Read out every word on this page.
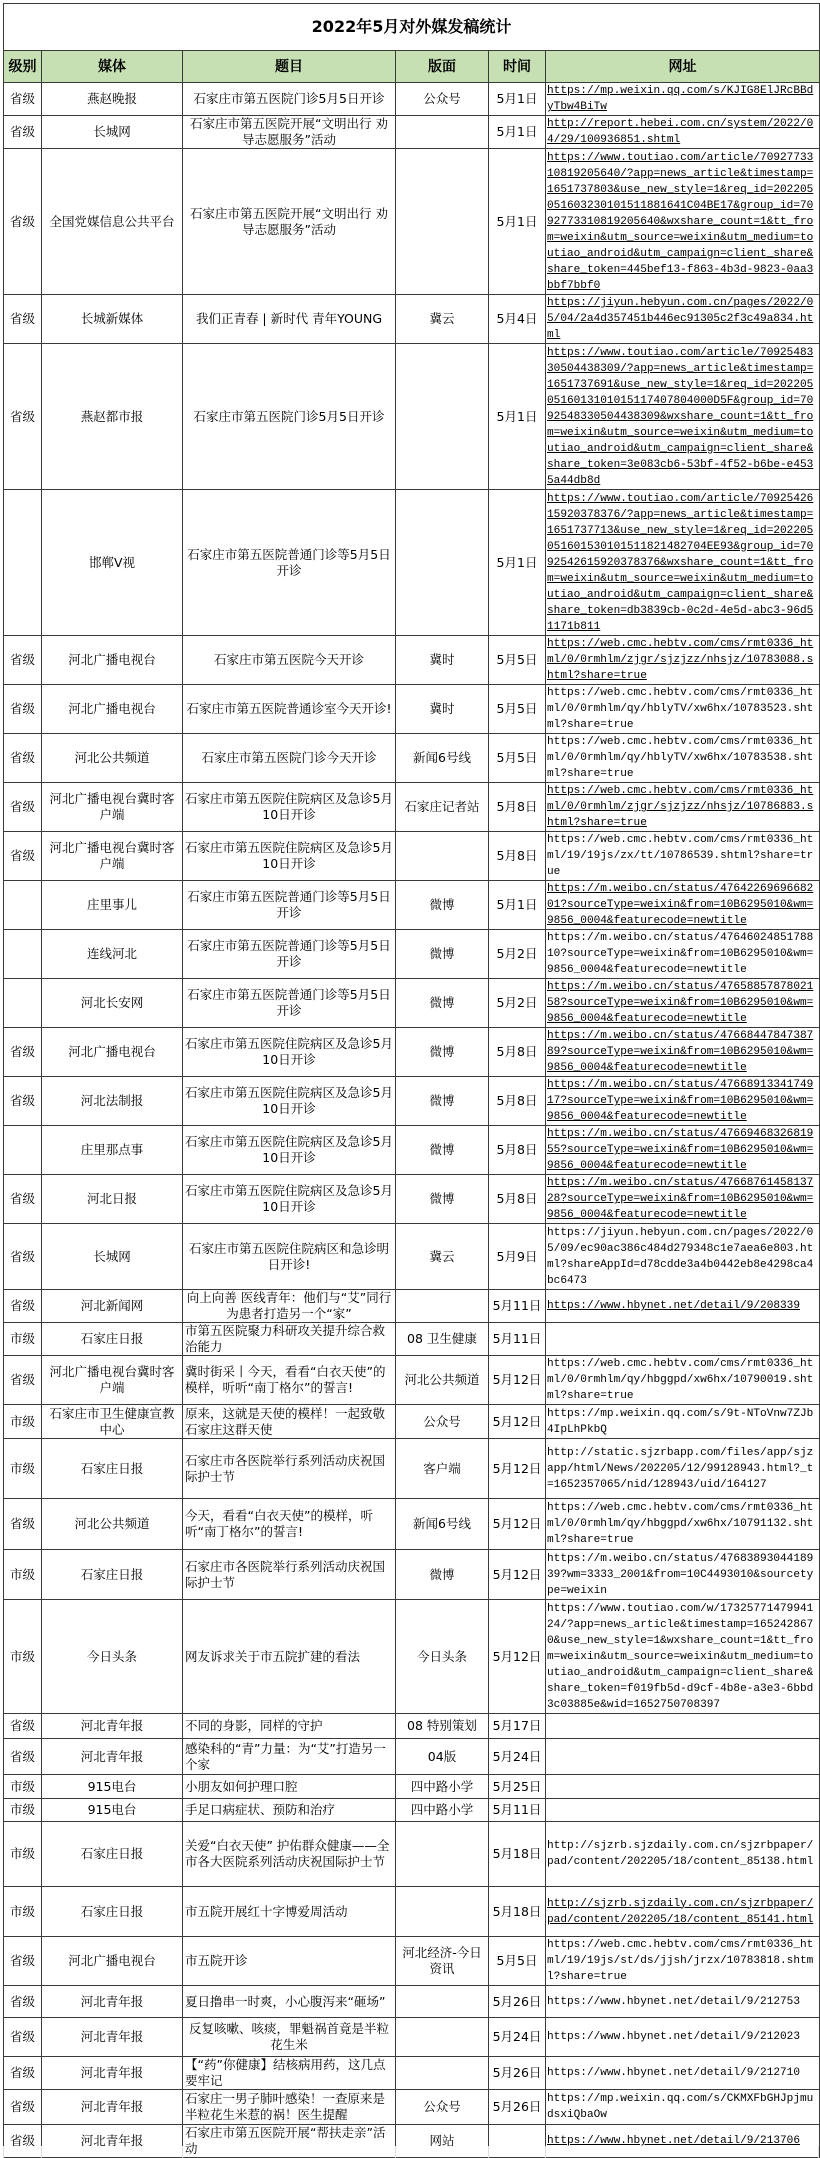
2022年5月对外媒发稿统计					
级别	媒体	题目	版面	时间	网址
省级	燕赵晚报	石家庄市第五医院门诊5月5日开诊	公众号	5月1日	https://mp.weixin.qq.com/s/KJIG8ElJRcBBdyTbw4BiTw
省级	长城网	石家庄市第五医院开展“文明出行 劝导志愿服务”活动		5月1日	http://report.hebei.com.cn/system/2022/04/29/100936851.shtml
省级	全国党媒信息公共平台	石家庄市第五医院开展“文明出行 劝导志愿服务”活动		5月1日	https://www.toutiao.com/article/7092773310819205640/?app=news_article&timestamp=1651737803&use_new_style=1&req_id=202205051603230101511881641C04BE17&group_id=7092773310819205640&wxshare_count=1&tt_from=weixin&utm_source=weixin&utm_medium=toutiao_android&utm_campaign=client_share&share_token=445bef13-f863-4b3d-9823-0aa3bbf7bbf0
省级	长城新媒体	我们正青春 | 新时代 青年YOUNG	冀云	5月4日	https://jiyun.hebyun.com.cn/pages/2022/05/04/2a4d357451b446ec91305c2f3c49a834.html
省级	燕赵都市报	石家庄市第五医院门诊5月5日开诊		5月1日	https://www.toutiao.com/article/7092548330504438309/?app=news_article&timestamp=1651737691&use_new_style=1&req_id=2022050516013101015117407804000D5F&group_id=7092548330504438309&wxshare_count=1&tt_from=weixin&utm_source=weixin&utm_medium=toutiao_android&utm_campaign=client_share&share_token=3e083cb6-53bf-4f52-b6be-e4535a44db8d
	邯郸V视	石家庄市第五医院普通门诊等5月5日开诊		5月1日	https://www.toutiao.com/article/7092542615920378376/?app=news_article&timestamp=1651737713&use_new_style=1&req_id=202205051601530101511821482704EE93&group_id=7092542615920378376&wxshare_count=1&tt_from=weixin&utm_source=weixin&utm_medium=toutiao_android&utm_campaign=client_share&share_token=db3839cb-0c2d-4e5d-abc3-96d51171b811
省级	河北广播电视台	石家庄市第五医院今天开诊	冀时	5月5日	https://web.cmc.hebtv.com/cms/rmt0336_html/0/0rmhlm/zjgr/sjzjzz/nhsjz/10783088.shtml?share=true
省级	河北广播电视台	石家庄市第五医院普通诊室今天开诊!	冀时	5月5日	https://web.cmc.hebtv.com/cms/rmt0336_html/0/0rmhlm/qy/hblyTV/xw6hx/10783523.shtml?share=true
省级	河北公共频道	石家庄市第五医院门诊今天开诊	新闻6号线	5月5日	https://web.cmc.hebtv.com/cms/rmt0336_html/0/0rmhlm/qy/hblyTV/xw6hx/10783538.shtml?share=true
省级	河北广播电视台冀时客户端	石家庄市第五医院住院病区及急诊5月10日开诊	石家庄记者站	5月8日	https://web.cmc.hebtv.com/cms/rmt0336_html/0/0rmhlm/zjgr/sjzjzz/nhsjz/10786883.shtml?share=true
省级	河北广播电视台冀时客户端	石家庄市第五医院住院病区及急诊5月10日开诊		5月8日	https://web.cmc.hebtv.com/cms/rmt0336_html/19/19js/zx/tt/10786539.shtml?share=true
	庄里事儿	石家庄市第五医院普通门诊等5月5日开诊	微博	5月1日	https://m.weibo.cn/status/4764226969668201?sourceType=weixin&from=10B6295010&wm=9856_0004&featurecode=newtitle
	连线河北	石家庄市第五医院普通门诊等5月5日开诊	微博	5月2日	https://m.weibo.cn/status/4764602485178810?sourceType=weixin&from=10B6295010&wm=9856_0004&featurecode=newtitle
	河北长安网	石家庄市第五医院普通门诊等5月5日开诊	微博	5月2日	https://m.weibo.cn/status/4765885787802158?sourceType=weixin&from=10B6295010&wm=9856_0004&featurecode=newtitle
省级	河北广播电视台	石家庄市第五医院住院病区及急诊5月10日开诊	微博	5月8日	https://m.weibo.cn/status/4766844784738789?sourceType=weixin&from=10B6295010&wm=9856_0004&featurecode=newtitle
省级	河北法制报	石家庄市第五医院住院病区及急诊5月10日开诊	微博	5月8日	https://m.weibo.cn/status/4766891334174917?sourceType=weixin&from=10B6295010&wm=9856_0004&featurecode=newtitle
	庄里那点事	石家庄市第五医院住院病区及急诊5月10日开诊	微博	5月8日	https://m.weibo.cn/status/4766946832681955?sourceType=weixin&from=10B6295010&wm=9856_0004&featurecode=newtitle
省级	河北日报	石家庄市第五医院住院病区及急诊5月10日开诊	微博	5月8日	https://m.weibo.cn/status/4766876145813728?sourceType=weixin&from=10B6295010&wm=9856_0004&featurecode=newtitle
省级	长城网	石家庄市第五医院住院病区和急诊明日开诊!	冀云	5月9日	https://jiyun.hebyun.com.cn/pages/2022/05/09/ec90ac386c484d279348c1e7aea6e803.html?shareAppId=d78cdde3a4b0442eb8e4298ca4bc6473
省级	河北新闻网	向上向善 医线青年：他们与“艾”同行 为患者打造另一个“家”		5月11日	https://www.hbynet.net/detail/9/208339
市级	石家庄日报	市第五医院聚力科研攻关提升综合救治能力	08 卫生健康	5月11日	
省级	河北广播电视台冀时客户端	冀时街采丨今天，看看“白衣天使”的模样，听听“南丁格尔”的誓言!	河北公共频道	5月12日	https://web.cmc.hebtv.com/cms/rmt0336_html/0/0rmhlm/qy/hbggpd/xw6hx/10790019.shtml?share=true
市级	石家庄市卫生健康宣教中心	原来，这就是天使的模样！一起致敬石家庄这群天使	公众号	5月12日	https://mp.weixin.qq.com/s/9t-NToVnw7ZJb4IpLhPkbQ
市级	石家庄日报	石家庄市各医院举行系列活动庆祝国际护士节	客户端	5月12日	http://static.sjzrbapp.com/files/app/sjzapp/html/News/202205/12/99128943.html?_t=1652357065/nid/128943/uid/164127
省级	河北公共频道	今天，看看“白衣天使”的模样，听听“南丁格尔”的誓言!	新闻6号线	5月12日	https://web.cmc.hebtv.com/cms/rmt0336_html/0/0rmhlm/qy/hbggpd/xw6hx/10791132.shtml?share=true
市级	石家庄日报	石家庄市各医院举行系列活动庆祝国际护士节	微博	5月12日	https://m.weibo.cn/status/4768389304418939?wm=3333_2001&from=10C4493010&sourcetype=weixin
市级	今日头条	网友诉求关于市五院扩建的看法	今日头条	5月12日	https://www.toutiao.com/w/1732577147994124/?app=news_article&timestamp=1652428670&use_new_style=1&wxshare_count=1&tt_from=weixin&utm_source=weixin&utm_medium=toutiao_android&utm_campaign=client_share&share_token=f019fb5d-d9cf-4b8e-a3e3-6bbd3c03885e&wid=1652750708397
省级	河北青年报	不同的身影，同样的守护	08 特别策划	5月17日	
省级	河北青年报	感染科的“青”力量：为“艾”打造另一个家	04版	5月24日	
市级	915电台	小朋友如何护理口腔	四中路小学	5月25日	
市级	915电台	手足口病症状、预防和治疗	四中路小学	5月11日	
市级	石家庄日报	关爱“白衣天使” 护佑群众健康——全市各大医院系列活动庆祝国际护士节		5月18日	http://sjzrb.sjzdaily.com.cn/sjzrbpaper/pad/content/202205/18/content_85138.html
市级	石家庄日报	市五院开展红十字博爱周活动		5月18日	http://sjzrb.sjzdaily.com.cn/sjzrbpaper/pad/content/202205/18/content_85141.html
省级	河北广播电视台	市五院开诊	河北经济-今日资讯	5月5日	https://web.cmc.hebtv.com/cms/rmt0336_html/19/19js/st/ds/jjsh/jrzx/10783818.shtml?share=true
省级	河北青年报	夏日撸串一时爽，小心腹泻来“砸场”		5月26日	https://www.hbynet.net/detail/9/212753
省级	河北青年报	反复咳嗽、咳痰，罪魁祸首竟是半粒花生米		5月24日	https://www.hbynet.net/detail/9/212023
省级	河北青年报	【“药”你健康】结核病用药，这几点要牢记		5月26日	https://www.hbynet.net/detail/9/212710
省级	河北青年报	石家庄一男子肺叶感染！一查原来是半粒花生米惹的祸！医生提醒	公众号	5月26日	https://mp.weixin.qq.com/s/CKMXFbGHJpjmudsxiQbaOw
省级	河北青年报	石家庄市第五医院开展“帮扶走亲”活动	网站		https://www.hbynet.net/detail/9/213706
